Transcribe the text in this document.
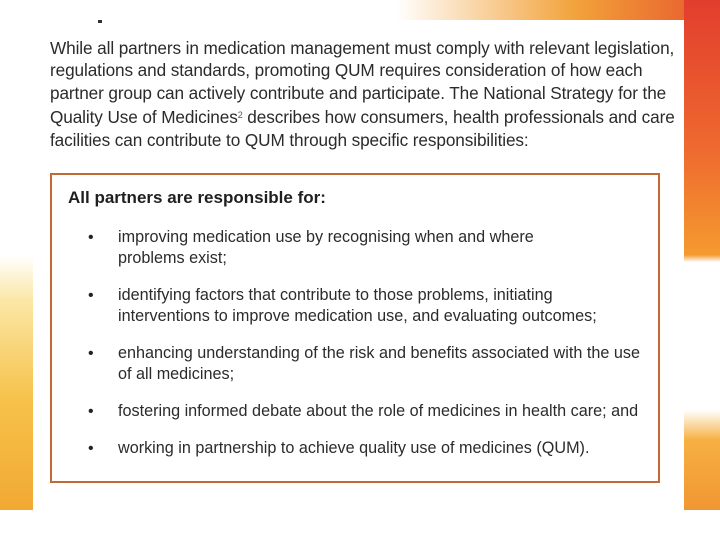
While all partners in medication management must comply with relevant legislation, regulations and standards, promoting QUM requires consideration of how each partner group can actively contribute and participate. The National Strategy for the Quality Use of Medicines$^2$ describes how consumers, health professionals and care facilities can contribute to QUM through specific responsibilities:

All partners are responsible for:
• improving medication use by recognising when and where
problems exist;
• identifying factors that contribute to those problems, initiating
interventions to improve medication use, and evaluating outcomes;
• enhancing understanding of the risk and benefits associated with the use
of all medicines;
• fostering informed debate about the role of medicines in health care; and
• working in partnership to achieve quality use of medicines (QUM).
